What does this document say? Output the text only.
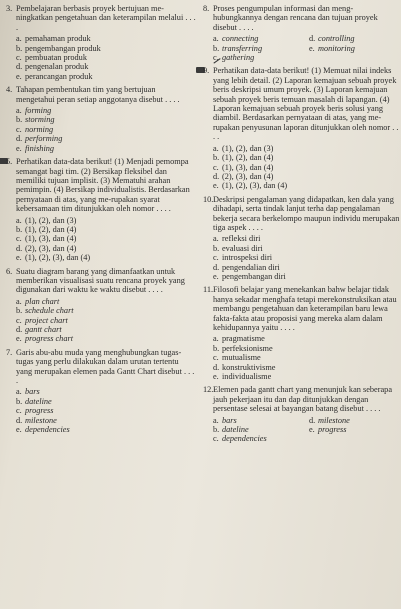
3. Pembelajaran berbasis proyek bertujuan me-ningkatkan pengetahuan dan keterampilan melalui . . . .
a. pemahaman produk
b. pengembangan produk
c. pembuatan produk
d. pengenalan produk
e. perancangan produk
4. Tahapan pembentukan tim yang bertujuan mengetahui peran setiap anggotanya disebut . . . .
a. forming
b. storming
c. norming
d. performing
e. finishing
5. Perhatikan data-data berikut! (1) Menjadi pemompa semangat bagi tim. (2) Bersikap fleksibel dan memiliki tujuan implisit. (3) Mematuhi arahan pemimpin. (4) Bersikap individualistis. Berdasarkan pernyataan di atas, yang me-rupakan syarat kebersamaan tim ditunjukkan oleh nomor . . . .
a. (1), (2), dan (3)
b. (1), (2), dan (4)
c. (1), (3), dan (4)
d. (2), (3), dan (4)
e. (1), (2), (3), dan (4)
6. Suatu diagram barang yang dimanfaatkan untuk memberikan visualisasi suatu rencana proyek yang digunakan dari waktu ke waktu disebut . . . .
a. plan chart
b. schedule chart
c. project chart
d. gantt chart
e. progress chart
7. Garis abu-abu muda yang menghubungkan tugas-tugas yang perlu dilakukan dalam urutan tertentu yang merupakan elemen pada Gantt Chart disebut . . . .
a. bars
b. dateline
c. progress
d. milestone
e. dependencies
8. Proses pengumpulan informasi dan meng-hubungkannya dengan rencana dan tujuan proyek disebut . . . .
a. connecting	d. controlling
b. transferring	e. monitoring
c. gathering
9. Perhatikan data-data berikut! (1) Memuat nilai indeks yang lebih detail. (2) Laporan kemajuan sebuah proyek beris deskripsi umum proyek. (3) Laporan kemajuan sebuah proyek beris temuan masalah di lapangan. (4) Laporan kemajuan sebuah proyek beris solusi yang diambil. Berdasarkan pernyataan di atas, yang me-rupakan penyusunan laporan ditunjukkan oleh nomor . . . .
a. (1), (2), dan (3)
b. (1), (2), dan (4)
c. (1), (3), dan (4)
d. (2), (3), dan (4)
e. (1), (2), (3), dan (4)
10. Deskripsi pengalaman yang didapatkan, ken dala yang dihadapi, serta tindak lanjut terha dap pengalaman bekerja secara berkelompo maupun individu merupakan tiga aspek . . . .
a. refleksi diri
b. evaluasi diri
c. introspeksi diri
d. pengendalian diri
e. pengembangan diri
11. Filosofi belajar yang menekankan bahw belajar tidak hanya sekadar menghafa tetapi merekonstruksikan atau membangu pengetahuan dan keterampilan baru lewa fakta-fakta atau proposisi yang mereka alam dalam kehidupannya yaitu . . . .
a. pragmatisme
b. perfeksionisme
c. mutualisme
d. konstruktivisme
e. individualisme
12. Elemen pada gantt chart yang menunjuk kan seberapa jauh pekerjaan itu dan dap ditunjukkan dengan persentase selesai at bayangan batang disebut . . . .
a. bars	d. milestone
b. dateline	e. progress
c. dependencies
